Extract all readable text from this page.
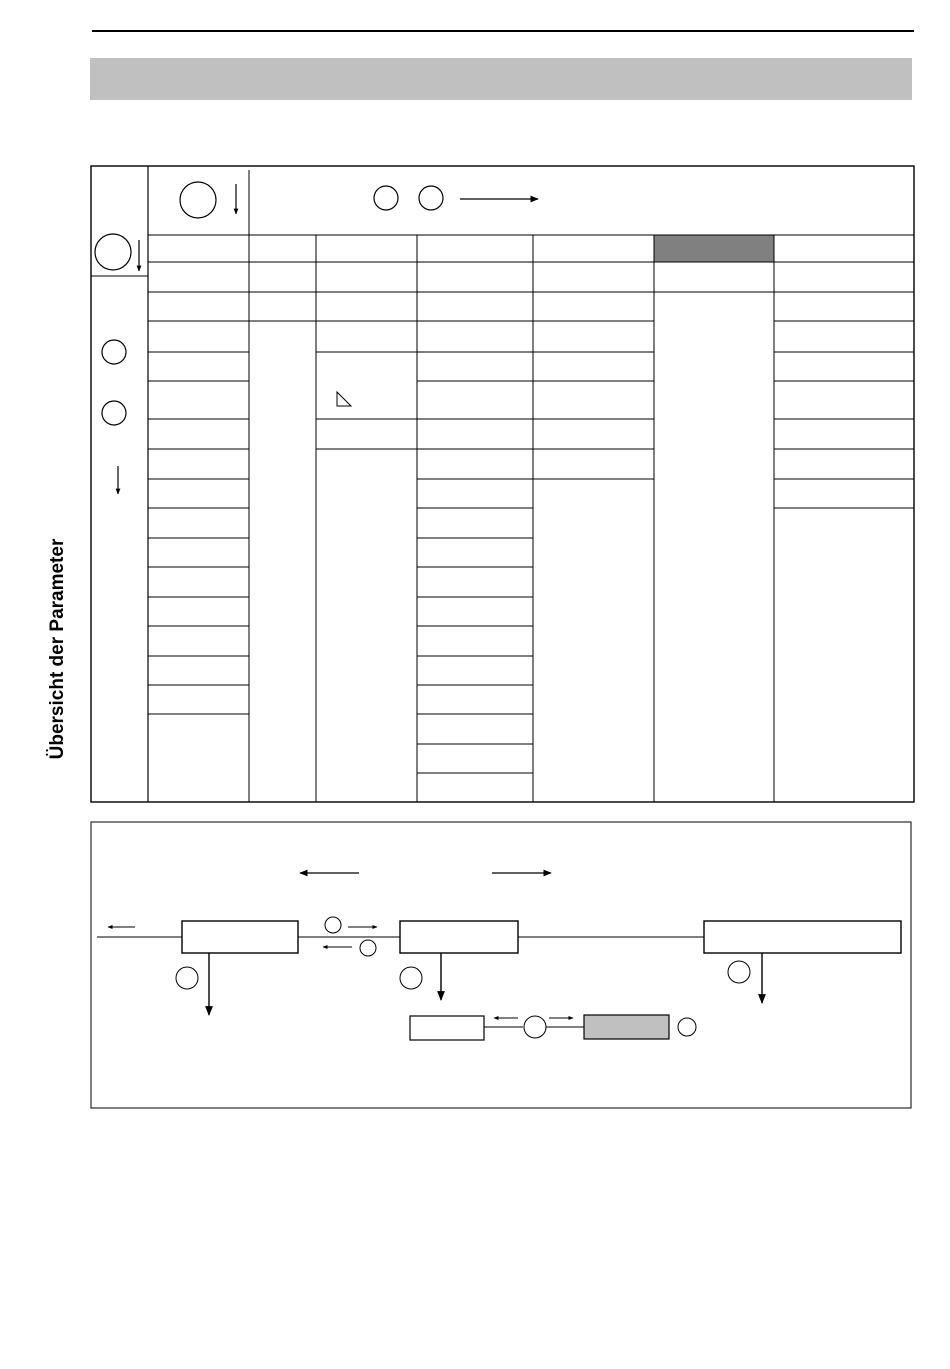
Übersicht der Parameter
